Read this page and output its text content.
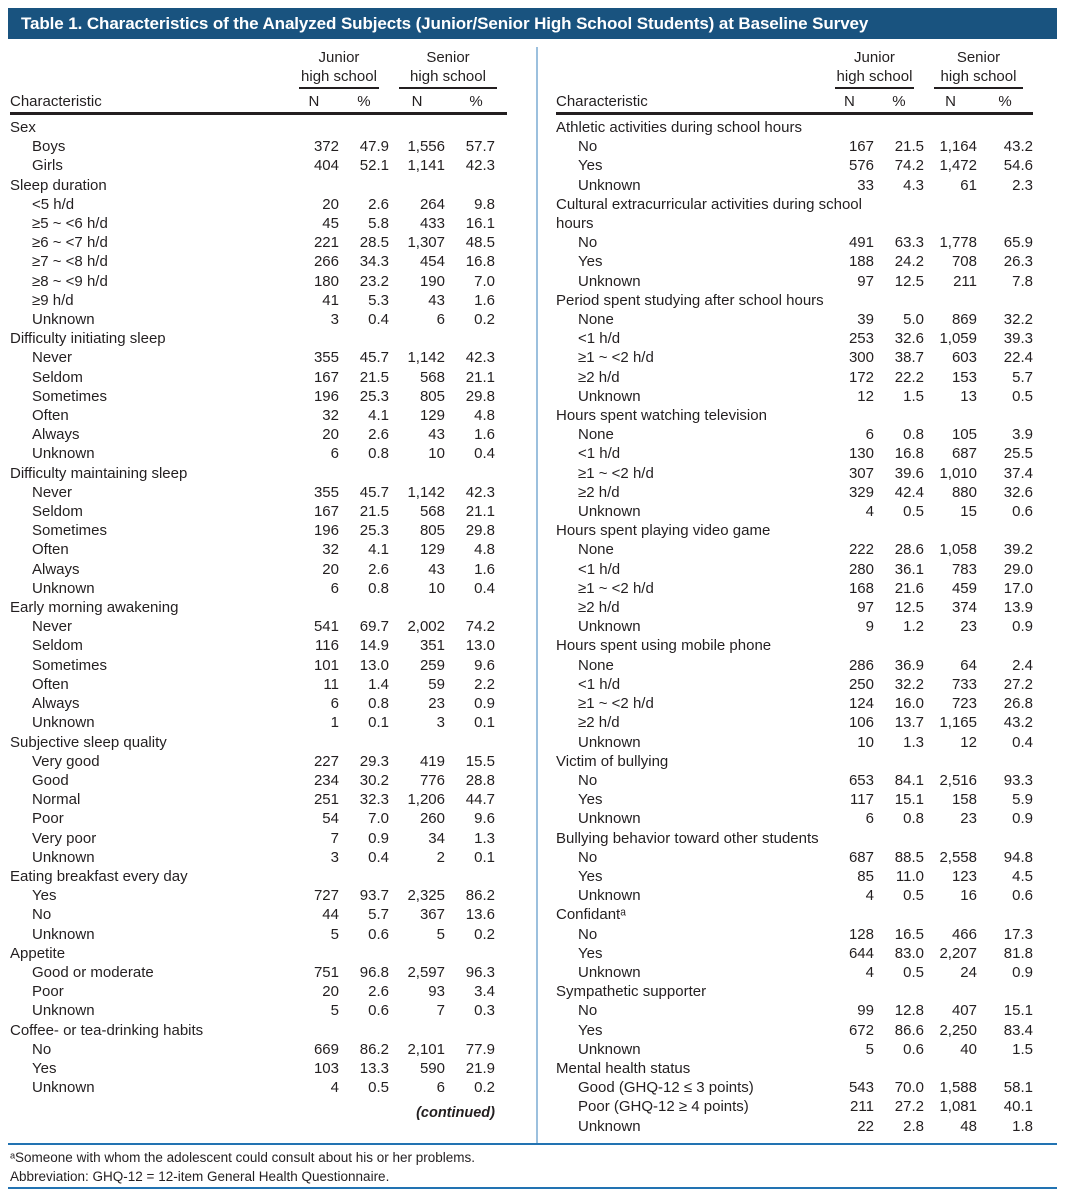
Table 1. Characteristics of the Analyzed Subjects (Junior/Senior High School Students) at Baseline Survey

Junior
high school

Senior
high school

Characteristic	N	%	N	%
Sex				
Boys	372	47.9	1,556	57.7
Girls	404	52.1	1,141	42.3
Sleep duration				
<5 h/d	20	2.6	264	9.8
≥5 ~ <6 h/d	45	5.8	433	16.1
≥6 ~ <7 h/d	221	28.5	1,307	48.5
≥7 ~ <8 h/d	266	34.3	454	16.8
≥8 ~ <9 h/d	180	23.2	190	7.0
≥9 h/d	41	5.3	43	1.6
Unknown	3	0.4	6	0.2
Difficulty initiating sleep				
Never	355	45.7	1,142	42.3
Seldom	167	21.5	568	21.1
Sometimes	196	25.3	805	29.8
Often	32	4.1	129	4.8
Always	20	2.6	43	1.6
Unknown	6	0.8	10	0.4
Difficulty maintaining sleep				
Never	355	45.7	1,142	42.3
Seldom	167	21.5	568	21.1
Sometimes	196	25.3	805	29.8
Often	32	4.1	129	4.8
Always	20	2.6	43	1.6
Unknown	6	0.8	10	0.4
Early morning awakening				
Never	541	69.7	2,002	74.2
Seldom	116	14.9	351	13.0
Sometimes	101	13.0	259	9.6
Often	11	1.4	59	2.2
Always	6	0.8	23	0.9
Unknown	1	0.1	3	0.1
Subjective sleep quality				
Very good	227	29.3	419	15.5
Good	234	30.2	776	28.8
Normal	251	32.3	1,206	44.7
Poor	54	7.0	260	9.6
Very poor	7	0.9	34	1.3
Unknown	3	0.4	2	0.1
Eating breakfast every day				
Yes	727	93.7	2,325	86.2
No	44	5.7	367	13.6
Unknown	5	0.6	5	0.2
Appetite				
Good or moderate	751	96.8	2,597	96.3
Poor	20	2.6	93	3.4
Unknown	5	0.6	7	0.3
Coffee- or tea-drinking habits				
No	669	86.2	2,101	77.9
Yes	103	13.3	590	21.9
Unknown	4	0.5	6	0.2
(continued)				

Junior
high school

Senior
high school

Characteristic	N	%	N	%
Athletic activities during school hours				
No	167	21.5	1,164	43.2
Yes	576	74.2	1,472	54.6
Unknown	33	4.3	61	2.3
Cultural extracurricular activities during school hours				
No	491	63.3	1,778	65.9
Yes	188	24.2	708	26.3
Unknown	97	12.5	211	7.8
Period spent studying after school hours				
None	39	5.0	869	32.2
<1 h/d	253	32.6	1,059	39.3
≥1 ~ <2 h/d	300	38.7	603	22.4
≥2 h/d	172	22.2	153	5.7
Unknown	12	1.5	13	0.5
Hours spent watching television				
None	6	0.8	105	3.9
<1 h/d	130	16.8	687	25.5
≥1 ~ <2 h/d	307	39.6	1,010	37.4
≥2 h/d	329	42.4	880	32.6
Unknown	4	0.5	15	0.6
Hours spent playing video game				
None	222	28.6	1,058	39.2
<1 h/d	280	36.1	783	29.0
≥1 ~ <2 h/d	168	21.6	459	17.0
≥2 h/d	97	12.5	374	13.9
Unknown	9	1.2	23	0.9
Hours spent using mobile phone				
None	286	36.9	64	2.4
<1 h/d	250	32.2	733	27.2
≥1 ~ <2 h/d	124	16.0	723	26.8
≥2 h/d	106	13.7	1,165	43.2
Unknown	10	1.3	12	0.4
Victim of bullying				
No	653	84.1	2,516	93.3
Yes	117	15.1	158	5.9
Unknown	6	0.8	23	0.9
Bullying behavior toward other students				
No	687	88.5	2,558	94.8
Yes	85	11.0	123	4.5
Unknown	4	0.5	16	0.6
Confidantᵃ				
No	128	16.5	466	17.3
Yes	644	83.0	2,207	81.8
Unknown	4	0.5	24	0.9
Sympathetic supporter				
No	99	12.8	407	15.1
Yes	672	86.6	2,250	83.4
Unknown	5	0.6	40	1.5
Mental health status				
Good (GHQ-12 ≤ 3 points)	543	70.0	1,588	58.1
Poor (GHQ-12 ≥ 4 points)	211	27.2	1,081	40.1
Unknown	22	2.8	48	1.8
ᵃSomeone with whom the adolescent could consult about his or her problems.
Abbreviation: GHQ-12 = 12-item General Health Questionnaire.
